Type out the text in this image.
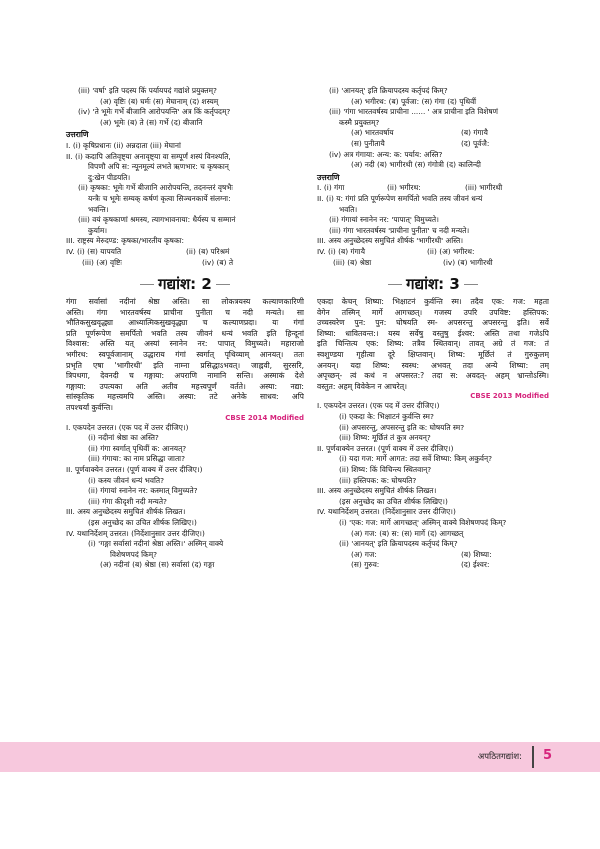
(iii) 'वर्षा' इति पदस्य किं पर्यायपदं गद्यांशे प्रयुक्तम्?
(अ) वृष्टिः (ब) घर्मः (स) मेघानाम् (द) शस्यम्
(iv) 'ते भूमेः गर्भे बीजानि आरोपयन्ति' अत्र किं कर्तृपदम्?
(अ) भूमेः (ब) ते (स) गर्भे (द) बीजानि
उत्तराणि
I. (i) कृषिप्रधानः (ii) अन्नदाता (iii) मेघानां
II. (i) कदापि अतिवृष्ट्या अनावृष्ट्या वा सम्पूर्णं शस्यं विनश्यति,
विपणौ अपि स: न्यूनमूल्यं लभते ऋणभार: च कृषकान्
दु:खेन पीडयति।
(ii) कृषका: भूमेः गर्भे बीजानि आरोपयन्ति, तदनन्तरं वृषभैः
यन्त्रैः च भूमेः सम्यक् कर्षणं कृत्वा सिञ्चनकार्ये संलग्ना:
भवन्ति।
(iii) वयं कृषकाणां श्रमस्य, त्यागभावनाया: धैर्यस्य च सम्मानं
कुर्याम।
III. राष्ट्रस्य मेरुदण्ड: कृषका/भारतीय कृषका:
IV. (i) (स) यापयति	(ii) (ब) परिश्रमं
(iii) (अ) वृष्टिः	(iv) (ब) ते
गद्यांश: 2
गंगा सर्वासां नदीनां श्रेष्ठा अस्ति। सा लोकत्रयस्य कल्याणकारिणी
अस्ति। गंगा भारतवर्षस्य प्राचीना पुनीता च नदी मन्यते। सा
भौतिकसुखवृद्ध्या आध्यात्मिकसुखवृद्ध्या च कल्याणप्रदा। यः गंगां
प्रति पूर्णरूपेण समर्पितो भवति तस्य जीवनं धन्यं भवति इति हिन्दूनां
विश्वास: अस्ति यत् अस्यां स्नानेन नर: पापात् विमुच्यते। महाराजो
भगीरथ: स्वपूर्वजानाम् उद्धाराय गंगां स्वर्गात् पृथिव्याम् आनयत्। ततः
प्रभृति एषा 'भागीरथी' इति नाम्ना प्रसिद्धाऽभवत्। जाह्नवी, सुरसरि,
त्रिपथगा, देवनदी च गङ्गाया: अपराणि नामानि सन्ति। अस्माकं देशे
गङ्गाया: उपत्यका अति अतीव महत्त्वपूर्णं वर्तते। अस्या: नद्या:
सांस्कृतिक महत्त्वमपि अस्ति। अस्या: तटे अनेके साधव: अपि
तपश्चर्यां कुर्वन्ति।
CBSE 2014 Modified
I. एकपदेन उत्तरत। (एक पद में उत्तर दीजिए।)
(i) नदीनां श्रेष्ठा का अस्ति?
(ii) गंगा स्वर्गात् पृथिवीं क: आनयत्?
(iii) गंगाया: का नाम प्रसिद्धा जाता?
II. पूर्णवाक्येन उत्तरत। (पूर्ण वाक्य में उत्तर दीजिए।)
(i) कस्य जीवनं धन्यं भवति?
(ii) गंगायां स्नानेन नर: कस्मात् विमुच्यते?
(iii) गंगा कीदृशी नदी मन्यते?
III. अस्य अनुच्छेदस्य समुचितं शीर्षकं लिखत।
(इस अनुच्छेद का उचित शीर्षक लिखिए।)
IV. यथानिर्देशम् उत्तरत। (निर्देशानुसार उत्तर दीजिए।)
(i) 'गङ्गा सर्वासां नदीनां श्रेष्ठा अस्ति।' अस्मिन् वाक्ये
विशेषणपदं किम्?
(अ) नदीनां (ब) श्रेष्ठा (स) सर्वासां (द) गङ्गा
(ii) 'आनयत्' इति क्रियापदस्य कर्तृपदं किम्?
(अ) भगीरथ: (ब) पूर्वजा: (स) गंगा (द) पृथिवीं
(iii) 'गंगा भारतवर्षस्य प्राचीना ...... ' अत्र प्राचीना इति विशेषणं
कस्मै प्रयुक्तम्?
(अ) भारतवर्षाय	(ब) गंगायै
(स) पुनीतायै	(द) पूर्वजै:
(iv) अत्र गंगाया: अन्य: क: पर्याय: अस्ति?
(अ) नदी (ब) भागीरथी (स) गंगोत्री (द) कालिन्दी
उत्तराणि
I. (i) गंगा	(ii) भगीरथ:	(iii) भागीरथी
II. (i) य: गंगां प्रति पूर्णरूपेण समर्पितो भवति तस्य जीवनं धन्यं
भवति।
(ii) गंगायां स्नानेन नर: 'पापात्' विमुच्यते।
(iii) गंगा भारतवर्षस्य 'प्राचीना पुनीता' च नदी मन्यते।
III. अस्य अनुच्छेदस्य समुचितं शीर्षकं 'भागीरथी' अस्ति।
IV. (i) (ब) गंगायै	(ii) (अ) भगीरथ:
(iii) (ब) श्रेष्ठा	(iv) (ब) भागीरथी
गद्यांश: 3
एकदा केचन् शिष्या: भिक्षाटनं कुर्वन्ति स्म। तदैव एक: गज: महता
वेगेन तस्मिन् मार्गे आगच्छत्। गजस्य उपरि उपविष्ट: हस्तिपक:
उच्चस्वरेण पुन: पुन: घोषयति स्म- अपसरन्तु अपसरन्तु इति। सर्वे
शिष्या: धावितवन्त:। यस्य सर्वेषु वस्तुषु ईश्वर: अस्ति तथा गजेऽपि
इति चिन्तित्य एक: शिष्य: तत्रैव स्थितवान्। तावत् अग्रे तं गज: तं
स्वशुण्डया गृहीत्वा दूरे क्षिप्तवान्। शिष्य: मूर्छितं तं गुरुकुलम्
अनयन्। यदा शिष्य: स्वस्थ: अभवत् तदा अन्ये शिष्या: तम्
अपृच्छन्- त्वं कथं न अपसरत:? तदा स: अवदत्- अहम् भ्रान्तोऽस्मि।
वस्तुत: अहम् विवेकेन न आचरेत्।
CBSE 2013 Modified
I. एकपदेन उत्तरत। (एक पद में उत्तर दीजिए।)
(i) एकदा के: भिक्षाटनं कुर्वन्ति स्म?
(ii) अपसरन्तु, अपसरन्तु इति क: घोषयति स्म?
(iii) शिष्य: मूर्छितं तं कुत्र अनयन्?
II. पूर्णवाक्येन उत्तरत। (पूर्ण वाक्य में उत्तर दीजिए।)
(i) यदा गज: मार्गे आगत: तदा सर्वे शिष्या: किम् अकुर्वन्?
(ii) शिष्य: किं विचिन्त्य स्थितवान्?
(iii) हस्तिपक: क: घोषयति?
III. अस्य अनुच्छेदस्य समुचितं शीर्षकं लिखत।
(इस अनुच्छेद का उचित शीर्षक लिखिए।)
IV. यथानिर्देशम् उत्तरत। (निर्देशानुसार उत्तर दीजिए।)
(i) 'एक: गज: मार्गे आगच्छत्' अस्मिन् वाक्ये विशेषणपदं किम्?
(अ) गज: (ब) स: (स) मार्गे (द) आगच्छत्
(ii) 'आनयत्' इति क्रियापदस्य कर्तृपदं किम्?
(अ) गज:	(ब) शिष्या:
(स) गुरुव:	(द) ईश्वर:
अपठितगद्यांश: 5
